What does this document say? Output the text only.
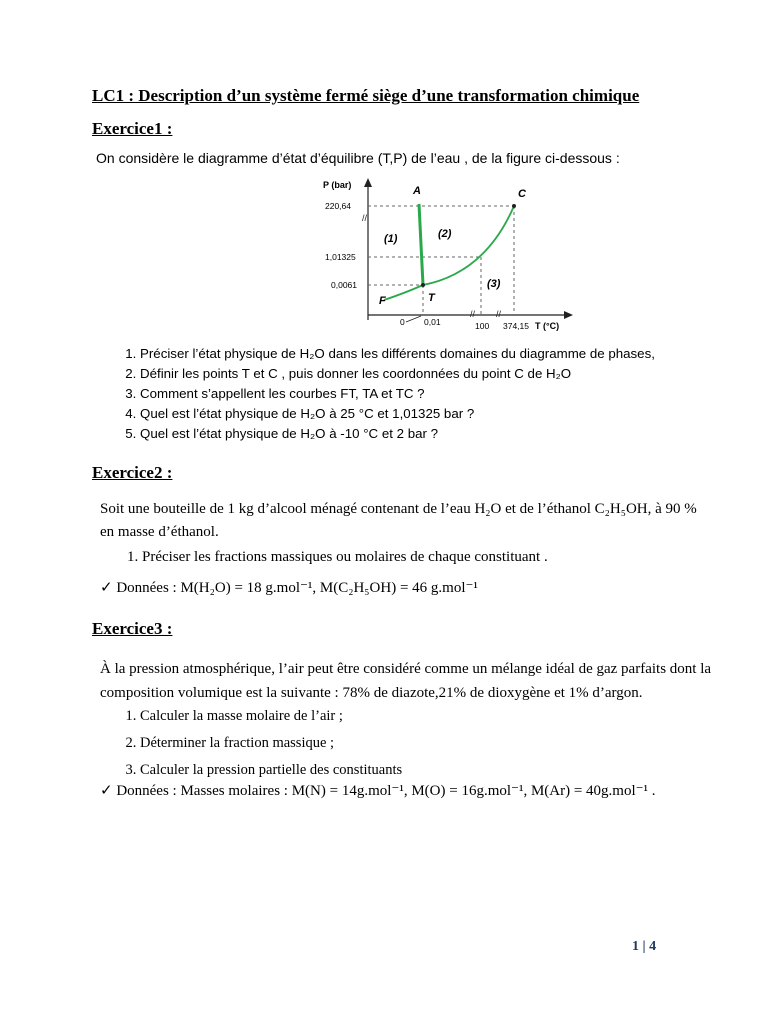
LC1 : Description d’un système fermé siège d’une transformation chimique
Exercice1 :
On considère le diagramme d’état d’équilibre (T,P) de l’eau , de la figure ci-dessous :
//
// //
P (bar)
220,64
1,01325
0,0061
0 0,01	100 374,15 T (°C)
A	C
T
F
(1)	(2)
(3)
1. Préciser l’état physique de H₂O dans les différents domaines du diagramme de phases,
2. Définir les points T et C , puis donner les coordonnées du point C de H₂O
3. Comment s’appellent les courbes FT, TA et TC ?
4. Quel est l’état physique de H₂O à 25 °C et 1,01325 bar ?
5. Quel est l’état physique de H₂O à -10 °C et 2 bar ?
Exercice2 :
Soit une bouteille de 1 kg d’alcool ménagé contenant de l’eau H₂O et de l’éthanol C₂H₅OH, à 90 % en masse d’éthanol.
1. Préciser les fractions massiques ou molaires de chaque constituant .
✓ Données : M(H₂O) = 18 g.mol⁻¹, M(C₂H₅OH) = 46 g.mol⁻¹
Exercice3 :
À la pression atmosphérique, l’air peut être considéré comme un mélange idéal de gaz parfaits dont la composition volumique est la suivante : 78% de diazote,21% de dioxygène et 1% d’argon.
1. Calculer la masse molaire de l’air ;
2. Déterminer la fraction massique ;
3. Calculer la pression partielle des constituants
✓ Données : Masses molaires : M(N) = 14g.mol⁻¹, M(O) = 16g.mol⁻¹, M(Ar) = 40g.mol⁻¹ .
1 | 4
